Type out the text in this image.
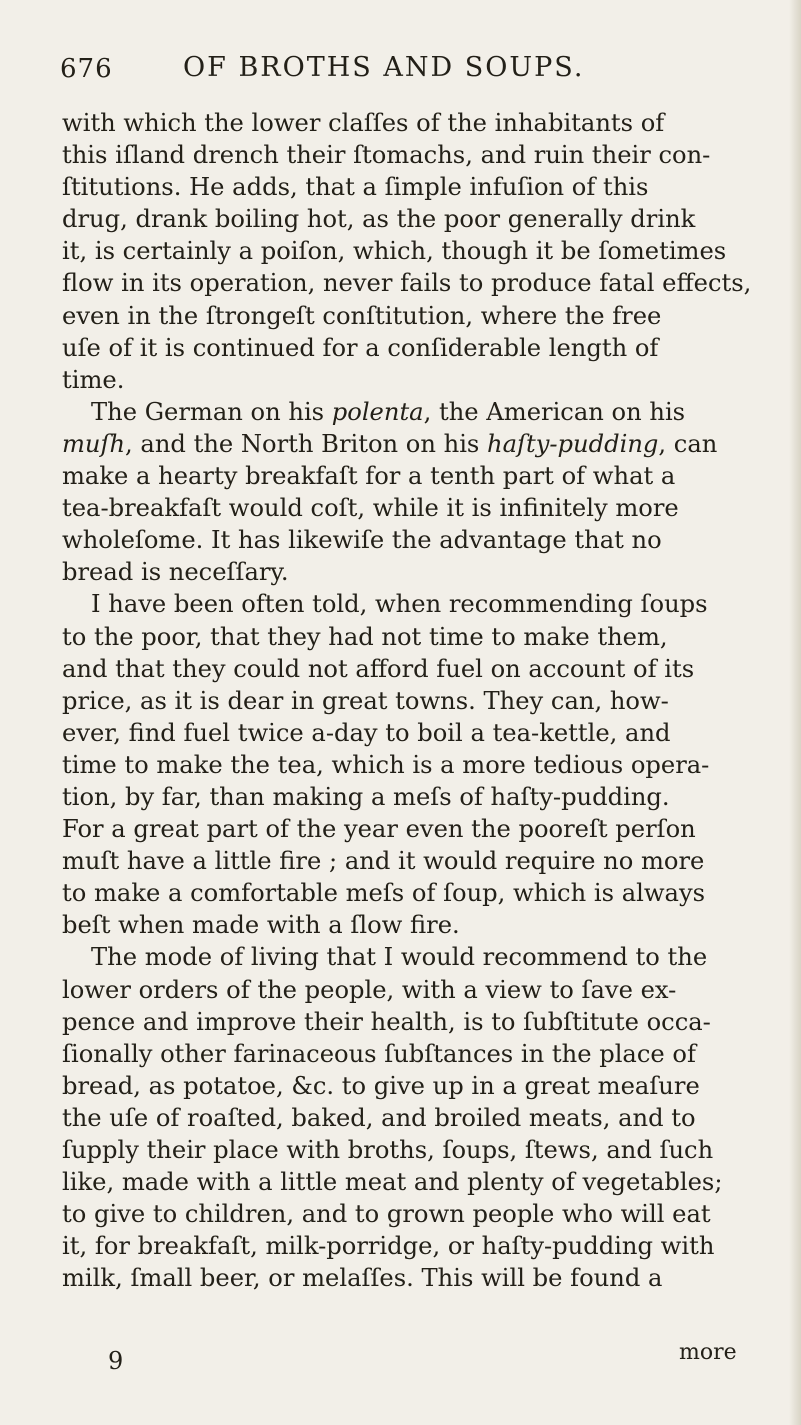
676	OF BROTHS AND SOUPS.
with which the lower claſſes of the inhabitants of
this iſland drench their ſtomachs, and ruin their con-
ſtitutions. He adds, that a ſimple infuſion of this
drug, drank boiling hot, as the poor generally drink
it, is certainly a poiſon, which, though it be ſometimes
flow in its operation, never fails to produce fatal effects,
even in the ſtrongeſt conſtitution, where the free
uſe of it is continued for a conſiderable length of
time.
The German on his polenta, the American on his
muſh, and the North Briton on his haſty-pudding, can
make a hearty breakfaſt for a tenth part of what a
tea-breakfaſt would coſt, while it is infinitely more
wholeſome. It has likewiſe the advantage that no
bread is neceſſary.
I have been often told, when recommending ſoups
to the poor, that they had not time to make them,
and that they could not afford fuel on account of its
price, as it is dear in great towns. They can, how-
ever, find fuel twice a-day to boil a tea-kettle, and
time to make the tea, which is a more tedious opera-
tion, by far, than making a meſs of haſty-pudding.
For a great part of the year even the pooreſt perſon
muſt have a little fire ; and it would require no more
to make a comfortable meſs of ſoup, which is always
beſt when made with a ſlow fire.
The mode of living that I would recommend to the
lower orders of the people, with a view to ſave ex-
pence and improve their health, is to ſubſtitute occa-
ſionally other farinaceous ſubſtances in the place of
bread, as potatoe, &c. to give up in a great meaſure
the uſe of roaſted, baked, and broiled meats, and to
ſupply their place with broths, ſoups, ſtews, and ſuch
like, made with a little meat and plenty of vegetables;
to give to children, and to grown people who will eat
it, for breakfaſt, milk-porridge, or haſty-pudding with
milk, ſmall beer, or melaſſes. This will be found a
more
9
